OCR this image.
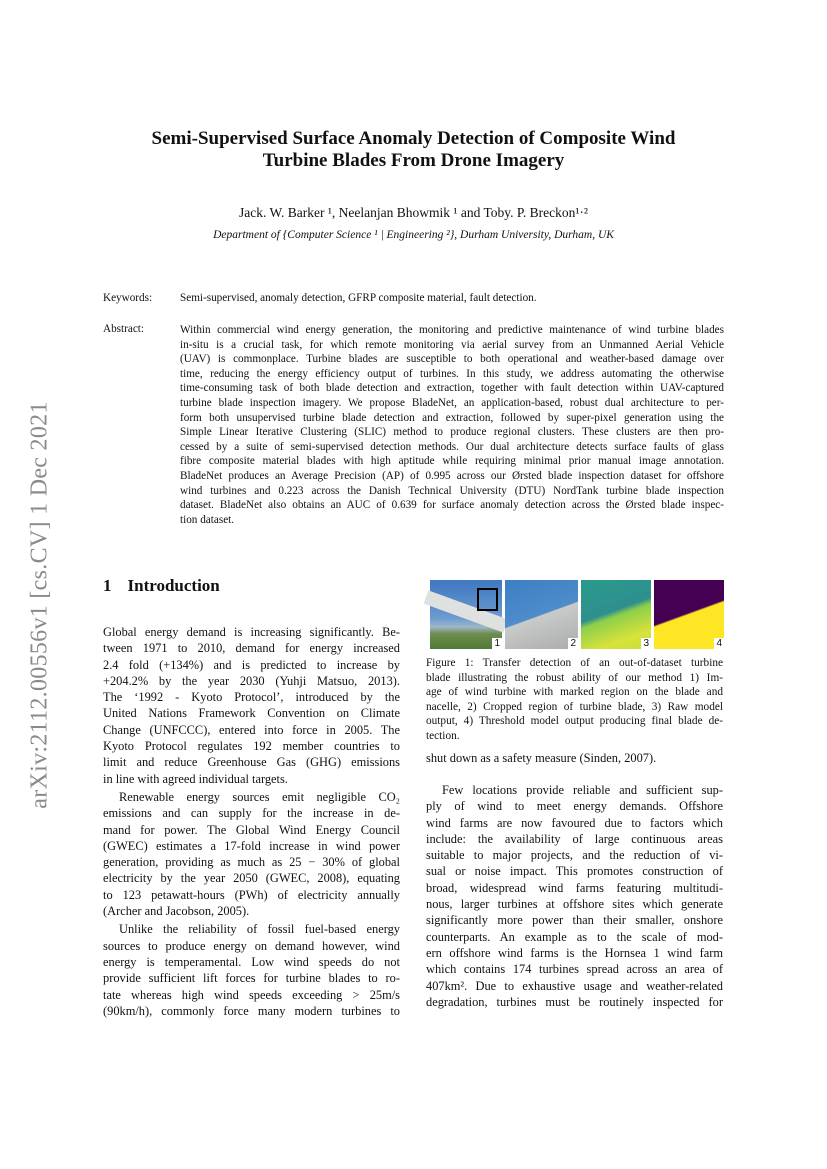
arXiv:2112.00556v1 [cs.CV] 1 Dec 2021
Semi-Supervised Surface Anomaly Detection of Composite Wind
Turbine Blades From Drone Imagery
Jack. W. Barker ¹, Neelanjan Bhowmik ¹ and Toby. P. Breckon¹·²
Department of {Computer Science ¹ | Engineering ²}, Durham University, Durham, UK
Keywords: Semi-supervised, anomaly detection, GFRP composite material, fault detection.
Abstract:	Within commercial wind energy generation, the monitoring and predictive maintenance of wind turbine blades
in-situ is a crucial task, for which remote monitoring via aerial survey from an Unmanned Aerial Vehicle
(UAV) is commonplace. Turbine blades are susceptible to both operational and weather-based damage over
time, reducing the energy efficiency output of turbines. In this study, we address automating the otherwise
time-consuming task of both blade detection and extraction, together with fault detection within UAV-captured
turbine blade inspection imagery. We propose BladeNet, an application-based, robust dual architecture to per-
form both unsupervised turbine blade detection and extraction, followed by super-pixel generation using the
Simple Linear Iterative Clustering (SLIC) method to produce regional clusters. These clusters are then pro-
cessed by a suite of semi-supervised detection methods. Our dual architecture detects surface faults of glass
fibre composite material blades with high aptitude while requiring minimal prior manual image annotation.
BladeNet produces an Average Precision (AP) of 0.995 across our Ørsted blade inspection dataset for offshore
wind turbines and 0.223 across the Danish Technical University (DTU) NordTank turbine blade inspection
dataset. BladeNet also obtains an AUC of 0.639 for surface anomaly detection across the Ørsted blade inspec-
tion dataset.
1 Introduction
Global energy demand is increasing significantly. Be-
tween 1971 to 2010, demand for energy increased
2.4 fold (+134%) and is predicted to increase by
+204.2% by the year 2030 (Yuhji Matsuo, 2013).
The ‘1992 - Kyoto Protocol’, introduced by the
United Nations Framework Convention on Climate
Change (UNFCCC), entered into force in 2005. The
Kyoto Protocol regulates 192 member countries to
limit and reduce Greenhouse Gas (GHG) emissions
in line with agreed individual targets.
Renewable energy sources emit negligible CO₂
emissions and can supply for the increase in de-
mand for power. The Global Wind Energy Council
(GWEC) estimates a 17-fold increase in wind power
generation, providing as much as 25 − 30% of global
electricity by the year 2050 (GWEC, 2008), equating
to 123 petawatt-hours (PWh) of electricity annually
(Archer and Jacobson, 2005).
Unlike the reliability of fossil fuel-based energy
sources to produce energy on demand however, wind
energy is temperamental. Low wind speeds do not
provide sufficient lift forces for turbine blades to ro-
tate whereas high wind speeds exceeding > 25m/s
(90km/h), commonly force many modern turbines to
1	2	3	4
Figure 1: Transfer detection of an out-of-dataset turbine
blade illustrating the robust ability of our method 1) Im-
age of wind turbine with marked region on the blade and
nacelle, 2) Cropped region of turbine blade, 3) Raw model
output, 4) Threshold model output producing final blade de-
tection.
shut down as a safety measure (Sinden, 2007).
Few locations provide reliable and sufficient sup-
ply of wind to meet energy demands. Offshore
wind farms are now favoured due to factors which
include: the availability of large continuous areas
suitable to major projects, and the reduction of vi-
sual or noise impact. This promotes construction of
broad, widespread wind farms featuring multitudi-
nous, larger turbines at offshore sites which generate
significantly more power than their smaller, onshore
counterparts. An example as to the scale of mod-
ern offshore wind farms is the Hornsea 1 wind farm
which contains 174 turbines spread across an area of
407km². Due to exhaustive usage and weather-related
degradation, turbines must be routinely inspected for
